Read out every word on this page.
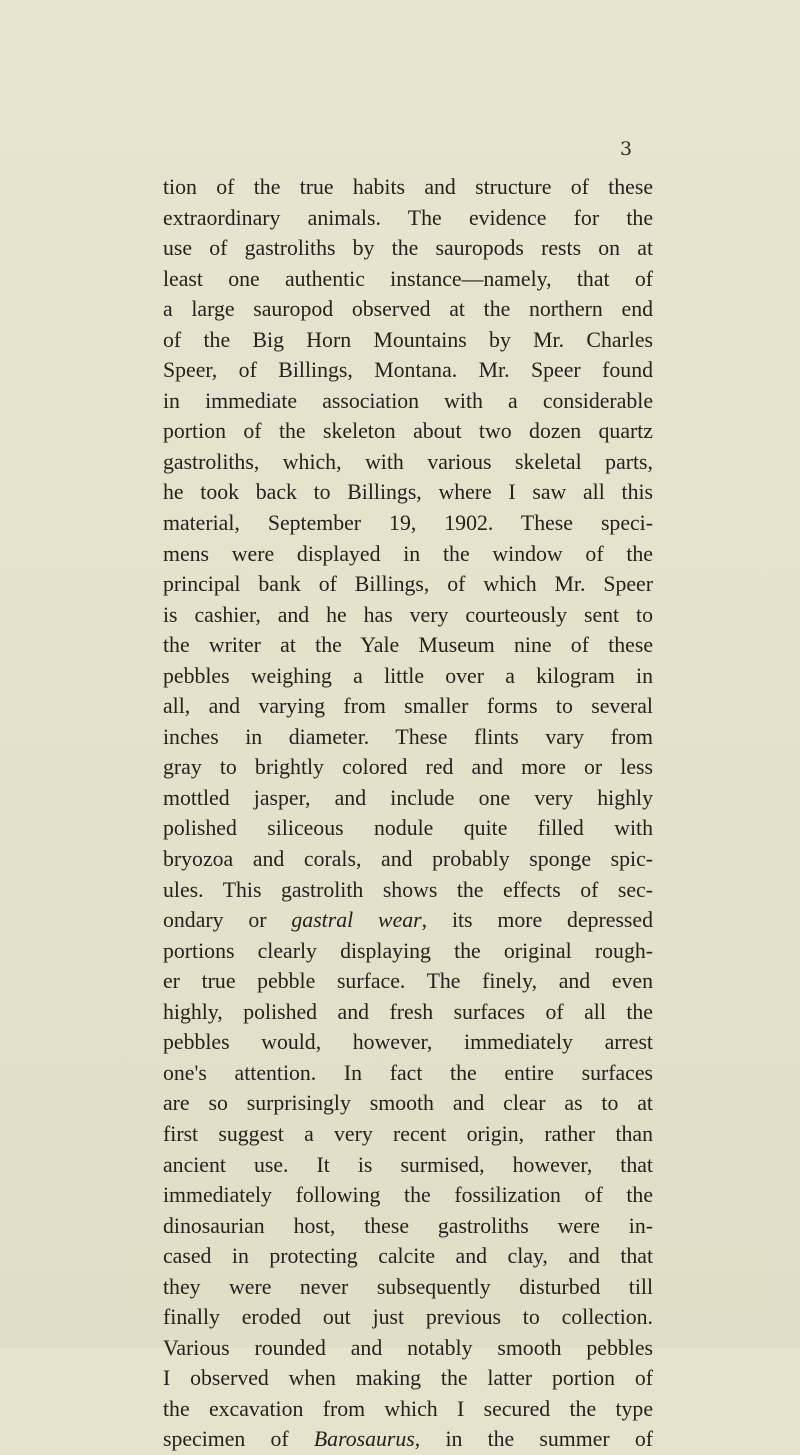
3
tion of the true habits and structure of these
extraordinary animals. The evidence for the
use of gastroliths by the sauropods rests on at
least one authentic instance—namely, that of
a large sauropod observed at the northern end
of the Big Horn Mountains by Mr. Charles
Speer, of Billings, Montana. Mr. Speer found
in immediate association with a considerable
portion of the skeleton about two dozen quartz
gastroliths, which, with various skeletal parts,
he took back to Billings, where I saw all this
material, September 19, 1902. These speci-
mens were displayed in the window of the
principal bank of Billings, of which Mr. Speer
is cashier, and he has very courteously sent to
the writer at the Yale Museum nine of these
pebbles weighing a little over a kilogram in
all, and varying from smaller forms to several
inches in diameter. These flints vary from
gray to brightly colored red and more or less
mottled jasper, and include one very highly
polished siliceous nodule quite filled with
bryozoa and corals, and probably sponge spic-
ules. This gastrolith shows the effects of sec-
ondary or gastral wear, its more depressed
portions clearly displaying the original rough-
er true pebble surface. The finely, and even
highly, polished and fresh surfaces of all the
pebbles would, however, immediately arrest
one's attention. In fact the entire surfaces
are so surprisingly smooth and clear as to at
first suggest a very recent origin, rather than
ancient use. It is surmised, however, that
immediately following the fossilization of the
dinosaurian host, these gastroliths were in-
cased in protecting calcite and clay, and that
they were never subsequently disturbed till
finally eroded out just previous to collection.
Various rounded and notably smooth pebbles
I observed when making the latter portion of
the excavation from which I secured the type
specimen of Barosaurus, in the summer of
